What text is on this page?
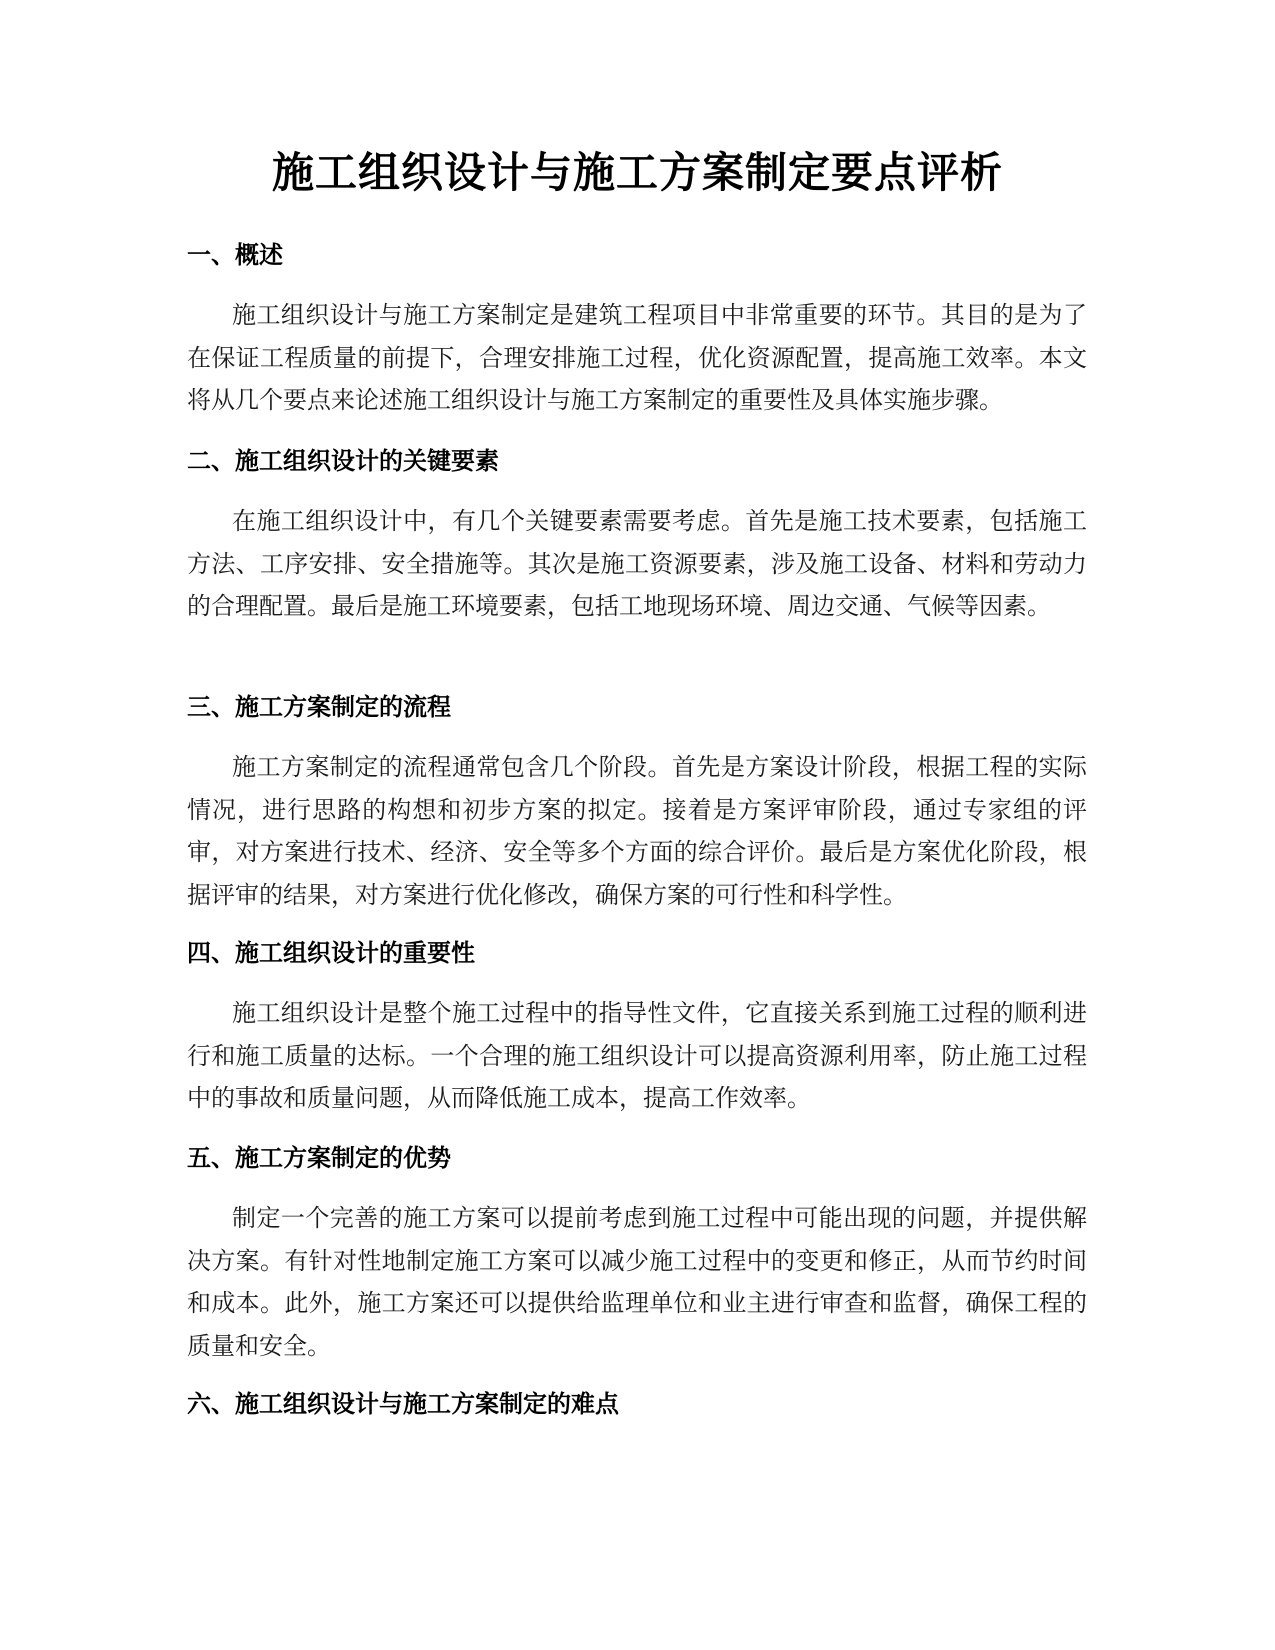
施工组织设计与施工方案制定要点评析
一、概述
施工组织设计与施工方案制定是建筑工程项目中非常重要的环节。其目的是为了在保证工程质量的前提下，合理安排施工过程，优化资源配置，提高施工效率。本文将从几个要点来论述施工组织设计与施工方案制定的重要性及具体实施步骤。
二、施工组织设计的关键要素
在施工组织设计中，有几个关键要素需要考虑。首先是施工技术要素，包括施工方法、工序安排、安全措施等。其次是施工资源要素，涉及施工设备、材料和劳动力的合理配置。最后是施工环境要素，包括工地现场环境、周边交通、气候等因素。
三、施工方案制定的流程
施工方案制定的流程通常包含几个阶段。首先是方案设计阶段，根据工程的实际情况，进行思路的构想和初步方案的拟定。接着是方案评审阶段，通过专家组的评审，对方案进行技术、经济、安全等多个方面的综合评价。最后是方案优化阶段，根据评审的结果，对方案进行优化修改，确保方案的可行性和科学性。
四、施工组织设计的重要性
施工组织设计是整个施工过程中的指导性文件，它直接关系到施工过程的顺利进行和施工质量的达标。一个合理的施工组织设计可以提高资源利用率，防止施工过程中的事故和质量问题，从而降低施工成本，提高工作效率。
五、施工方案制定的优势
制定一个完善的施工方案可以提前考虑到施工过程中可能出现的问题，并提供解决方案。有针对性地制定施工方案可以减少施工过程中的变更和修正，从而节约时间和成本。此外，施工方案还可以提供给监理单位和业主进行审查和监督，确保工程的质量和安全。
六、施工组织设计与施工方案制定的难点
